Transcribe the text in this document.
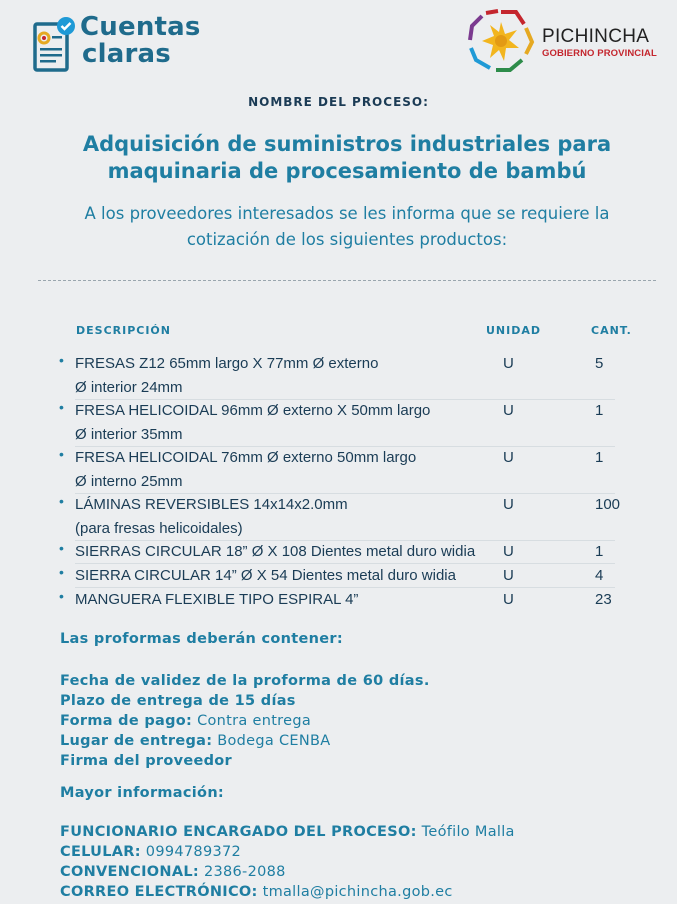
Cuentas
claras
PICHINCHA
GOBIERNO PROVINCIAL
NOMBRE DEL PROCESO:
Adquisición de suministros industriales para
maquinaria de procesamiento de bambú
A los proveedores interesados se les informa que se requiere la
cotización de los siguientes productos:
DESCRIPCIÓN	UNIDAD	CANT.
• FRESAS Z12 65mm largo X 77mm Ø externo
Ø interior 24mm
U	5
• FRESA HELICOIDAL 96mm Ø externo X 50mm largo
Ø interior 35mm
U	1
• FRESA HELICOIDAL 76mm Ø externo 50mm largo
Ø interno 25mm
U	1
• LÁMINAS REVERSIBLES 14x14x2.0mm
(para fresas helicoidales)
U	100
• SIERRAS CIRCULAR 18” Ø X 108 Dientes metal duro widia	U	1
• SIERRA CIRCULAR 14” Ø X 54 Dientes metal duro widia	U	4
• MANGUERA FLEXIBLE TIPO ESPIRAL 4”	U	23
Las proformas deberán contener:
Fecha de validez de la proforma de 60 días.
Plazo de entrega de 15 días
Forma de pago: Contra entrega
Lugar de entrega: Bodega CENBA
Firma del proveedor
Mayor información:
FUNCIONARIO ENCARGADO DEL PROCESO: Teófilo Malla
CELULAR: 0994789372
CONVENCIONAL: 2386-2088
CORREO ELECTRÓNICO: tmalla@pichincha.gob.ec
